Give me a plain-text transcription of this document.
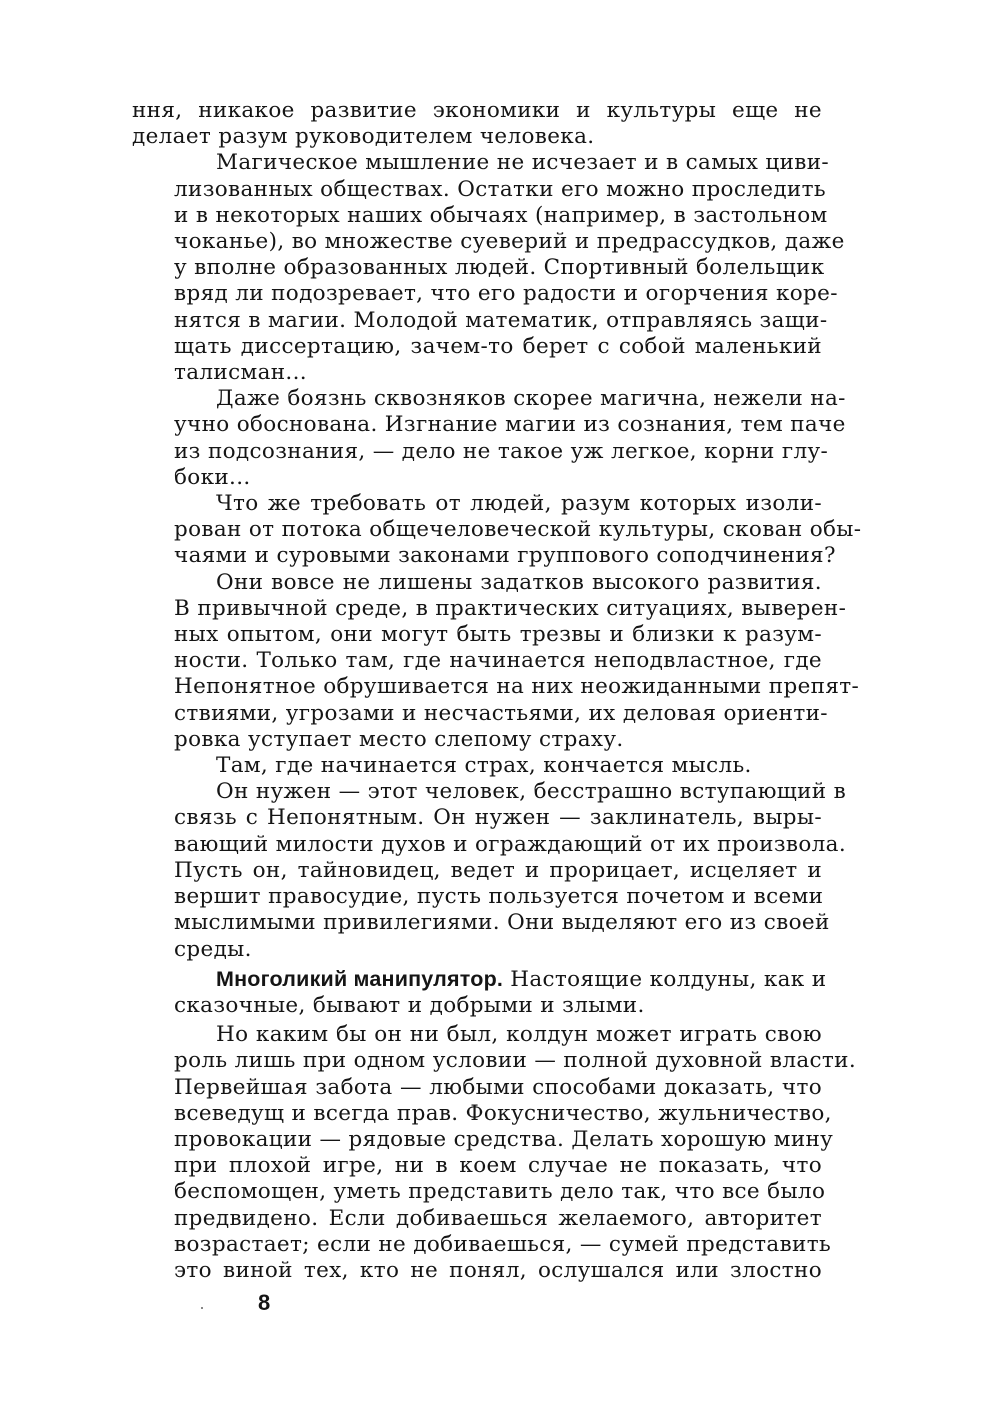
ння, никакое развитие экономики и культуры еще не
делает разум руководителем человека.

Магическое мышление не исчезает и в самых циви-
лизованных обществах. Остатки его можно проследить
и в некоторых наших обычаях (например, в застольном
чоканье), во множестве суеверий и предрассудков, даже
у вполне образованных людей. Спортивный болельщик
вряд ли подозревает, что его радости и огорчения коре-
нятся в магии. Молодой математик, отправляясь защи-
щать диссертацию, зачем-то берет с собой маленький
талисман...

Даже боязнь сквозняков скорее магична, нежели на-
учно обоснована. Изгнание магии из сознания, тем паче
из подсознания, — дело не такое уж легкое, корни глу-
боки...

Что же требовать от людей, разум которых изоли-
рован от потока общечеловеческой культуры, скован обы-
чаями и суровыми законами группового соподчинения?

Они вовсе не лишены задатков высокого развития.
В привычной среде, в практических ситуациях, выверен-
ных опытом, они могут быть трезвы и близки к разум-
ности. Только там, где начинается неподвластное, где
Непонятное обрушивается на них неожиданными препят-
ствиями, угрозами и несчастьями, их деловая ориенти-
ровка уступает место слепому страху.

Там, где начинается страх, кончается мысль.

Он нужен — этот человек, бесстрашно вступающий в
связь с Непонятным. Он нужен — заклинатель, выры-
вающий милости духов и ограждающий от их произвола.
Пусть он, тайновидец, ведет и прорицает, исцеляет и
вершит правосудие, пусть пользуется почетом и всеми
мыслимыми привилегиями. Они выделяют его из своей
среды.

Многоликий манипулятор. Настоящие колдуны, как и
сказочные, бывают и добрыми и злыми.

Но каким бы он ни был, колдун может играть свою
роль лишь при одном условии — полной духовной власти.
Первейшая забота — любыми способами доказать, что
всеведущ и всегда прав. Фокусничество, жульничество,
провокации — рядовые средства. Делать хорошую мину
при плохой игре, ни в коем случае не показать, что
беспомощен, уметь представить дело так, что все было
предвидено. Если добиваешься желаемого, авторитет
возрастает; если не добиваешься, — сумей представить
это виной тех, кто не понял, ослушался или злостно

8
